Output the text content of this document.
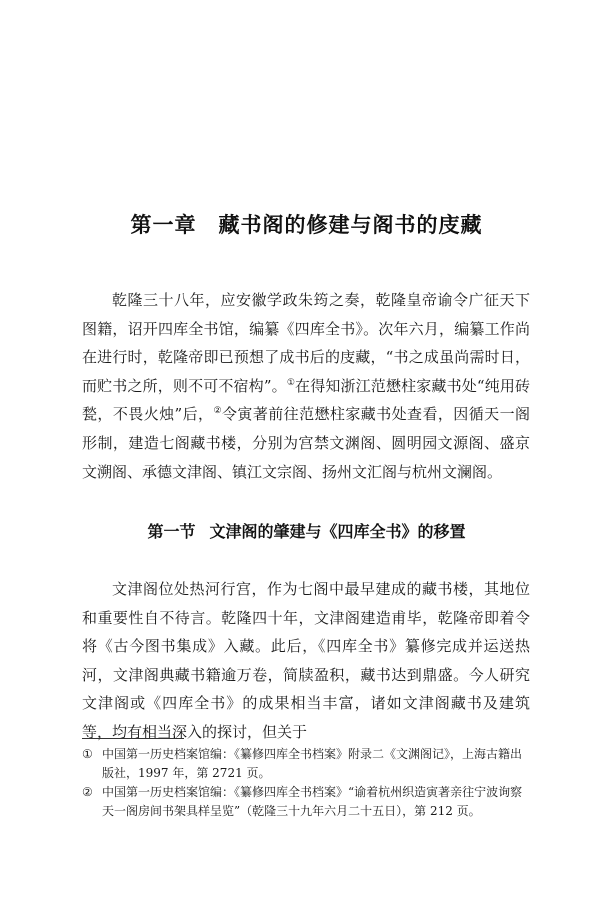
第一章 藏书阁的修建与阁书的庋藏

乾隆三十八年，应安徽学政朱筠之奏，乾隆皇帝谕令广征天下图籍，诏开四库全书馆，编纂《四库全书》。次年六月，编纂工作尚在进行时，乾隆帝即已预想了成书后的庋藏，“书之成虽尚需时日，而贮书之所，则不可不宿构”。①在得知浙江范懋柱家藏书处“纯用砖甃，不畏火烛”后，②令寅著前往范懋柱家藏书处查看，因循天一阁形制，建造七阁藏书楼，分别为宫禁文渊阁、圆明园文源阁、盛京文溯阁、承德文津阁、镇江文宗阁、扬州文汇阁与杭州文澜阁。

第一节 文津阁的肇建与《四库全书》的移置

文津阁位处热河行宫，作为七阁中最早建成的藏书楼，其地位和重要性自不待言。乾隆四十年，文津阁建造甫毕，乾隆帝即着令将《古今图书集成》入藏。此后，《四库全书》纂修完成并运送热河，文津阁典藏书籍逾万卷，简牍盈积，藏书达到鼎盛。今人研究文津阁或《四库全书》的成果相当丰富，诸如文津阁藏书及建筑等，均有相当深入的探讨，但关于

① 中国第一历史档案馆编：《纂修四库全书档案》附录二《文渊阁记》，上海古籍出版社，1997 年，第 2721 页。
② 中国第一历史档案馆编：《纂修四库全书档案》“谕着杭州织造寅著亲往宁波询察天一阁房间书架具样呈览”（乾隆三十九年六月二十五日），第 212 页。
